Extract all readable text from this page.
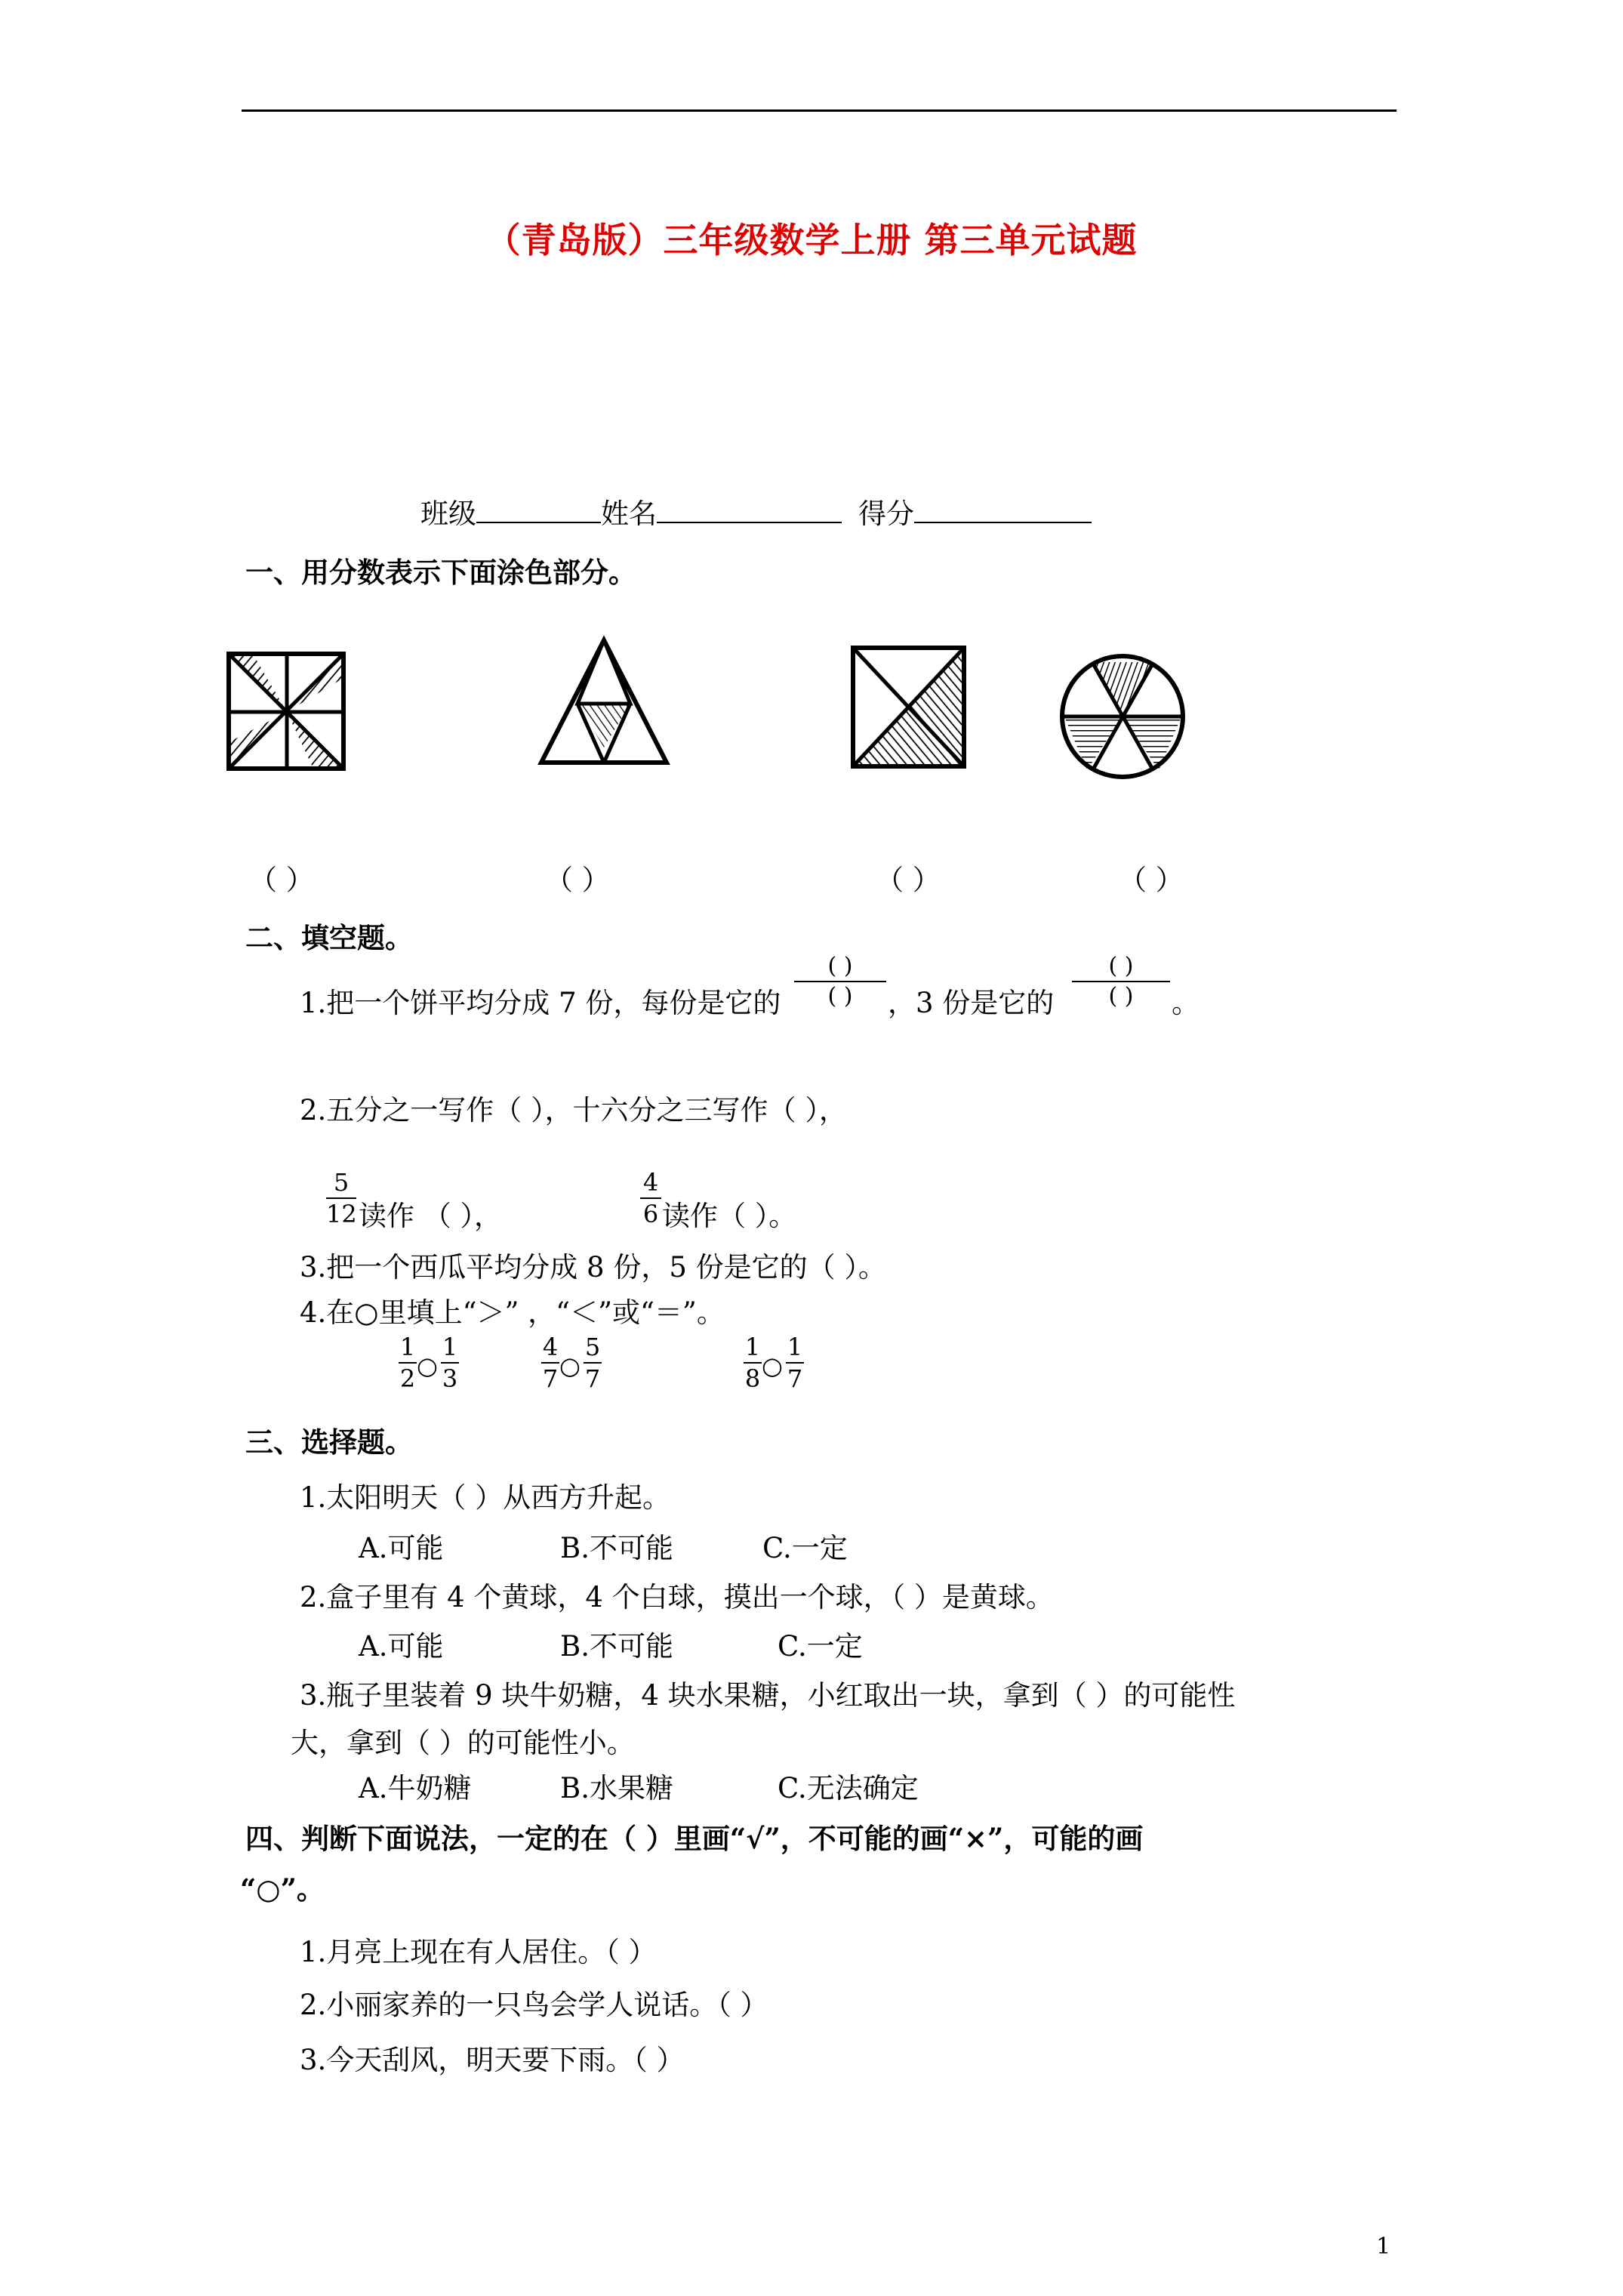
（青岛版）三年级数学上册 第三单元试题
班级	姓名	得分
一、用分数表示下面涂色部分。
（ ）	（ ）	（ ）	（ ）
二、填空题。
1.把一个饼平均分成 7 份，每份是它的
( )
( )	，3 份是它的
( )
( )	。
2.五分之一写作（ ），十六分之三写作（ ），
5
12 读作 （ ），
4
6 读作（ ）。
3.把一个西瓜平均分成 8 份，5 份是它的（ ）。
4.在○里填上“＞” ，“＜”或“＝”。
1
2 ○
1
3
4
7 ○
5
7
1
8 ○
1
7
三、选择题。
1.太阳明天（ ）从西方升起。
A.可能	B.不可能	C.一定
2.盒子里有 4 个黄球，4 个白球，摸出一个球，（ ）是黄球。
A.可能	B.不可能	C.一定
3.瓶子里装着 9 块牛奶糖，4 块水果糖，小红取出一块，拿到（ ）的可能性
大，拿到（ ）的可能性小。
A.牛奶糖	B.水果糖	C.无法确定
四、判断下面说法，一定的在（ ）里画“√”，不可能的画“×”，可能的画
“○”。
1.月亮上现在有人居住。（ ）
2.小丽家养的一只鸟会学人说话。（ ）
3.今天刮风，明天要下雨。（ ）
1
